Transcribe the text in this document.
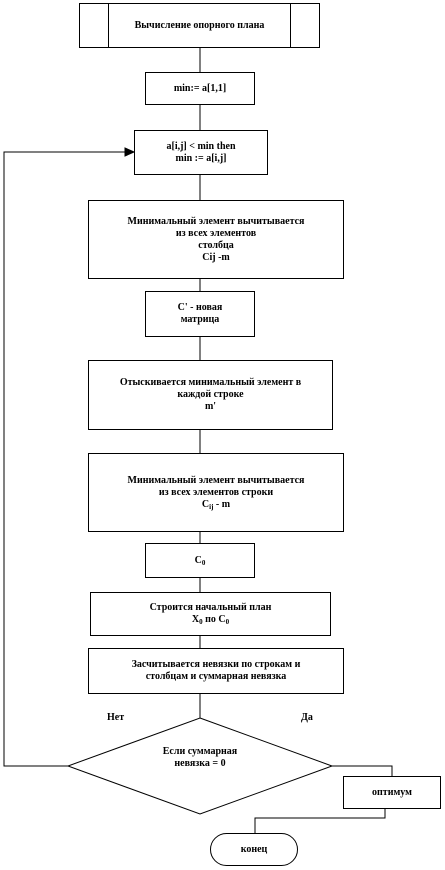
Вычисление опорного плана
min:= a[1,1]
a[i,j] < min then
min := a[i,j]
Минимальный элемент вычитывается
из всех элементов
столбца
Cij -m
C' - новая
матрица
Отыскивается минимальный элемент в
каждой строке
m'
Минимальный элемент вычитывается
из всех элементов строки
$C_{ij}$ - m
$C_0$
Строится начальный план
$X_0$ по $C_0$
Засчитывается невязки по строкам и
столбцам и суммарная невязка
Нет	Да
Если суммарная
невязка = 0
оптимум
конец
